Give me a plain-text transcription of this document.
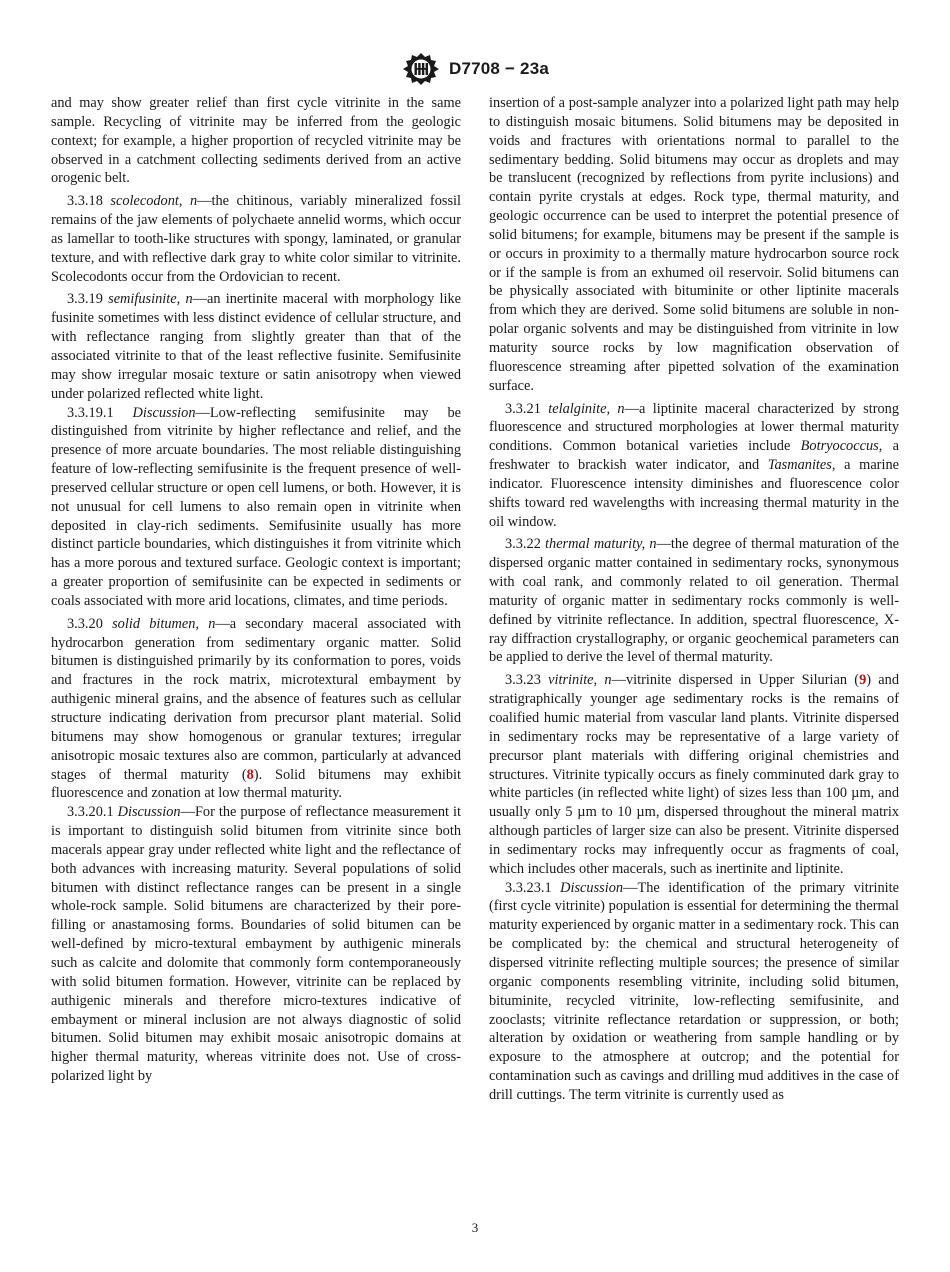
D7708 − 23a

and may show greater relief than first cycle vitrinite in the same sample. Recycling of vitrinite may be inferred from the geologic context; for example, a higher proportion of recycled vitrinite may be observed in a catchment collecting sediments derived from an active orogenic belt.

3.3.18 scolecodont, n—the chitinous, variably mineralized fossil remains of the jaw elements of polychaete annelid worms, which occur as lamellar to tooth-like structures with spongy, laminated, or granular texture, and with reflective dark gray to white color similar to vitrinite. Scolecodonts occur from the Ordovician to recent.

3.3.19 semifusinite, n—an inertinite maceral with morphology like fusinite sometimes with less distinct evidence of cellular structure, and with reflectance ranging from slightly greater than that of the associated vitrinite to that of the least reflective fusinite. Semifusinite may show irregular mosaic texture or satin anisotropy when viewed under polarized reflected white light.

3.3.19.1 Discussion—Low-reflecting semifusinite may be distinguished from vitrinite by higher reflectance and relief, and the presence of more arcuate boundaries. The most reliable distinguishing feature of low-reflecting semifusinite is the frequent presence of well-preserved cellular structure or open cell lumens, or both. However, it is not unusual for cell lumens to also remain open in vitrinite when deposited in clay-rich sediments. Semifusinite usually has more distinct particle boundaries, which distinguishes it from vitrinite which has a more porous and textured surface. Geologic context is important; a greater proportion of semifusinite can be expected in sediments or coals associated with more arid locations, climates, and time periods.

3.3.20 solid bitumen, n—a secondary maceral associated with hydrocarbon generation from sedimentary organic matter. Solid bitumen is distinguished primarily by its conformation to pores, voids and fractures in the rock matrix, microtextural embayment by authigenic mineral grains, and the absence of features such as cellular structure indicating derivation from precursor plant material. Solid bitumens may show homogenous or granular textures; irregular anisotropic mosaic textures also are common, particularly at advanced stages of thermal maturity (8). Solid bitumens may exhibit fluorescence and zonation at low thermal maturity.

3.3.20.1 Discussion—For the purpose of reflectance measurement it is important to distinguish solid bitumen from vitrinite since both macerals appear gray under reflected white light and the reflectance of both advances with increasing maturity. Several populations of solid bitumen with distinct reflectance ranges can be present in a single whole-rock sample. Solid bitumens are characterized by their pore-filling or anastamosing forms. Boundaries of solid bitumen can be well-defined by micro-textural embayment by authigenic minerals such as calcite and dolomite that commonly form contemporaneously with solid bitumen formation. However, vitrinite can be replaced by authigenic minerals and therefore micro-textures indicative of embayment or mineral inclusion are not always diagnostic of solid bitumen. Solid bitumen may exhibit mosaic anisotropic domains at higher thermal maturity, whereas vitrinite does not. Use of cross-polarized light by

insertion of a post-sample analyzer into a polarized light path may help to distinguish mosaic bitumens. Solid bitumens may be deposited in voids and fractures with orientations normal to parallel to the sedimentary bedding. Solid bitumens may occur as droplets and may be translucent (recognized by reflections from pyrite inclusions) and contain pyrite crystals at edges. Rock type, thermal maturity, and geologic occurrence can be used to interpret the potential presence of solid bitumens; for example, bitumens may be present if the sample is or occurs in proximity to a thermally mature hydrocarbon source rock or if the sample is from an exhumed oil reservoir. Solid bitumens can be physically associated with bituminite or other liptinite macerals from which they are derived. Some solid bitumens are soluble in non-polar organic solvents and may be distinguished from vitrinite in low maturity source rocks by low magnification observation of fluorescence streaming after pipetted solvation of the examination surface.

3.3.21 telalginite, n—a liptinite maceral characterized by strong fluorescence and structured morphologies at lower thermal maturity conditions. Common botanical varieties include Botryococcus, a freshwater to brackish water indicator, and Tasmanites, a marine indicator. Fluorescence intensity diminishes and fluorescence color shifts toward red wavelengths with increasing thermal maturity in the oil window.

3.3.22 thermal maturity, n—the degree of thermal maturation of the dispersed organic matter contained in sedimentary rocks, synonymous with coal rank, and commonly related to oil generation. Thermal maturity of organic matter in sedimentary rocks commonly is well-defined by vitrinite reflectance. In addition, spectral fluorescence, X-ray diffraction crystallography, or organic geochemical parameters can be applied to derive the level of thermal maturity.

3.3.23 vitrinite, n—vitrinite dispersed in Upper Silurian (9) and stratigraphically younger age sedimentary rocks is the remains of coalified humic material from vascular land plants. Vitrinite dispersed in sedimentary rocks may be representative of a large variety of precursor plant materials with differing original chemistries and structures. Vitrinite typically occurs as finely comminuted dark gray to white particles (in reflected white light) of sizes less than 100 µm, and usually only 5 µm to 10 µm, dispersed throughout the mineral matrix although particles of larger size can also be present. Vitrinite dispersed in sedimentary rocks may infrequently occur as fragments of coal, which includes other macerals, such as inertinite and liptinite.

3.3.23.1 Discussion—The identification of the primary vitrinite (first cycle vitrinite) population is essential for determining the thermal maturity experienced by organic matter in a sedimentary rock. This can be complicated by: the chemical and structural heterogeneity of dispersed vitrinite reflecting multiple sources; the presence of similar organic components resembling vitrinite, including solid bitumen, bituminite, recycled vitrinite, low-reflecting semifusinite, and zooclasts; vitrinite reflectance retardation or suppression, or both; alteration by oxidation or weathering from sample handling or by exposure to the atmosphere at outcrop; and the potential for contamination such as cavings and drilling mud additives in the case of drill cuttings. The term vitrinite is currently used as

3
